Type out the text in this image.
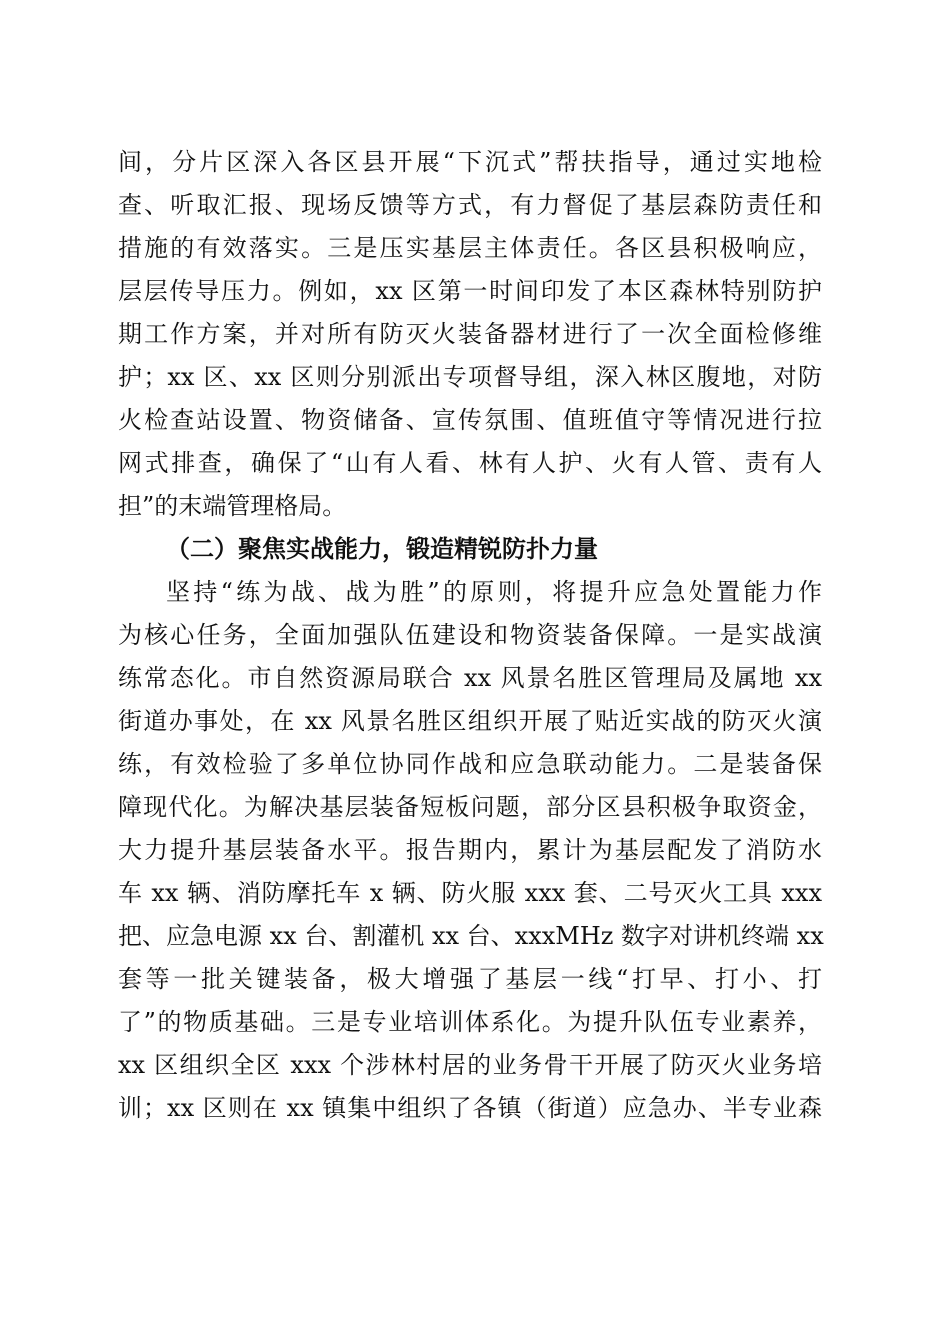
间，分片区深入各区县开展“下沉式”帮扶指导，通过实地检
查、听取汇报、现场反馈等方式，有力督促了基层森防责任和
措施的有效落实。三是压实基层主体责任。各区县积极响应，
层层传导压力。例如，xx 区第一时间印发了本区森林特别防护
期工作方案，并对所有防灭火装备器材进行了一次全面检修维
护；xx 区、xx 区则分别派出专项督导组，深入林区腹地，对防
火检查站设置、物资储备、宣传氛围、值班值守等情况进行拉
网式排查，确保了“山有人看、林有人护、火有人管、责有人
担”的末端管理格局。
（二）聚焦实战能力，锻造精锐防扑力量
坚持“练为战、战为胜”的原则，将提升应急处置能力作
为核心任务，全面加强队伍建设和物资装备保障。一是实战演
练常态化。市自然资源局联合 xx 风景名胜区管理局及属地 xx
街道办事处，在 xx 风景名胜区组织开展了贴近实战的防灭火演
练，有效检验了多单位协同作战和应急联动能力。二是装备保
障现代化。为解决基层装备短板问题，部分区县积极争取资金，
大力提升基层装备水平。报告期内，累计为基层配发了消防水
车 xx 辆、消防摩托车 x 辆、防火服 xxx 套、二号灭火工具 xxx
把、应急电源 xx 台、割灌机 xx 台、xxxMHz 数字对讲机终端 xx
套等一批关键装备，极大增强了基层一线“打早、打小、打
了”的物质基础。三是专业培训体系化。为提升队伍专业素养，
xx 区组织全区 xxx 个涉林村居的业务骨干开展了防灭火业务培
训；xx 区则在 xx 镇集中组织了各镇（街道）应急办、半专业森
